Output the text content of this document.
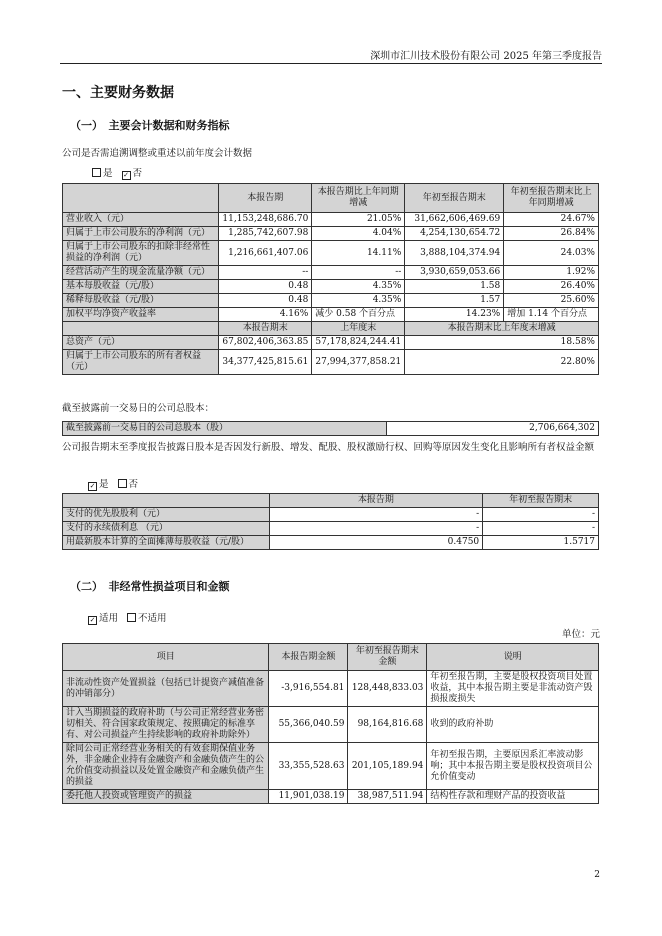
深圳市汇川技术股份有限公司 2025 年第三季度报告
一、主要财务数据
（一）　主要会计数据和财务指标
公司是否需追溯调整或重述以前年度会计数据
是 ✓ 否
	本报告期	本报告期比上年同期增减	年初至报告期末	年初至报告期末比上年同期增减
营业收入（元）	11,153,248,686.70	21.05%	31,662,606,469.69	24.67%
归属于上市公司股东的净利润（元）	1,285,742,607.98	4.04%	4,254,130,654.72	26.84%
归属于上市公司股东的扣除非经常性损益的净利润（元）	1,216,661,407.06	14.11%	3,888,104,374.94	24.03%
经营活动产生的现金流量净额（元）	--	--	3,930,659,053.66	1.92%
基本每股收益（元/股）	0.48	4.35%	1.58	26.40%
稀释每股收益（元/股）	0.48	4.35%	1.57	25.60%
加权平均净资产收益率	4.16%	减少 0.58 个百分点	14.23%	增加 1.14 个百分点
	本报告期末	上年度末	本报告期末比上年度末增减	
总资产（元）	67,802,406,363.85	57,178,824,244.41	18.58%	
归属于上市公司股东的所有者权益（元）	34,377,425,815.61	27,994,377,858.21	22.80%	
截至披露前一交易日的公司总股本：
截至披露前一交易日的公司总股本（股）	2,706,664,302
公司报告期末至季度报告披露日股本是否因发行新股、增发、配股、股权激励行权、回购等原因发生变化且影响所有者权益金额
✓ 是 否
	本报告期	年初至报告期末
支付的优先股股利（元）	-	-
支付的永续债利息 （元）	-	-
用最新股本计算的全面摊薄每股收益（元/股）	0.4750	1.5717
（二）　非经常性损益项目和金额
✓ 适用 不适用
单位：元
项目	本报告期金额	年初至报告期末金额	说明
非流动性资产处置损益（包括已计提资产减值准备的冲销部分）	-3,916,554.81	128,448,833.03	年初至报告期，主要是股权投资项目处置收益，其中本报告期主要是非流动资产毁损报废损失
计入当期损益的政府补助（与公司正常经营业务密切相关、符合国家政策规定、按照确定的标准享有、对公司损益产生持续影响的政府补助除外）	55,366,040.59	98,164,816.68	收到的政府补助
除同公司正常经营业务相关的有效套期保值业务外，非金融企业持有金融资产和金融负债产生的公允价值变动损益以及处置金融资产和金融负债产生的损益	33,355,528.63	201,105,189.94	年初至报告期，主要原因系汇率波动影响；其中本报告期主要是股权投资项目公允价值变动
委托他人投资或管理资产的损益	11,901,038.19	38,987,511.94	结构性存款和理财产品的投资收益
2
